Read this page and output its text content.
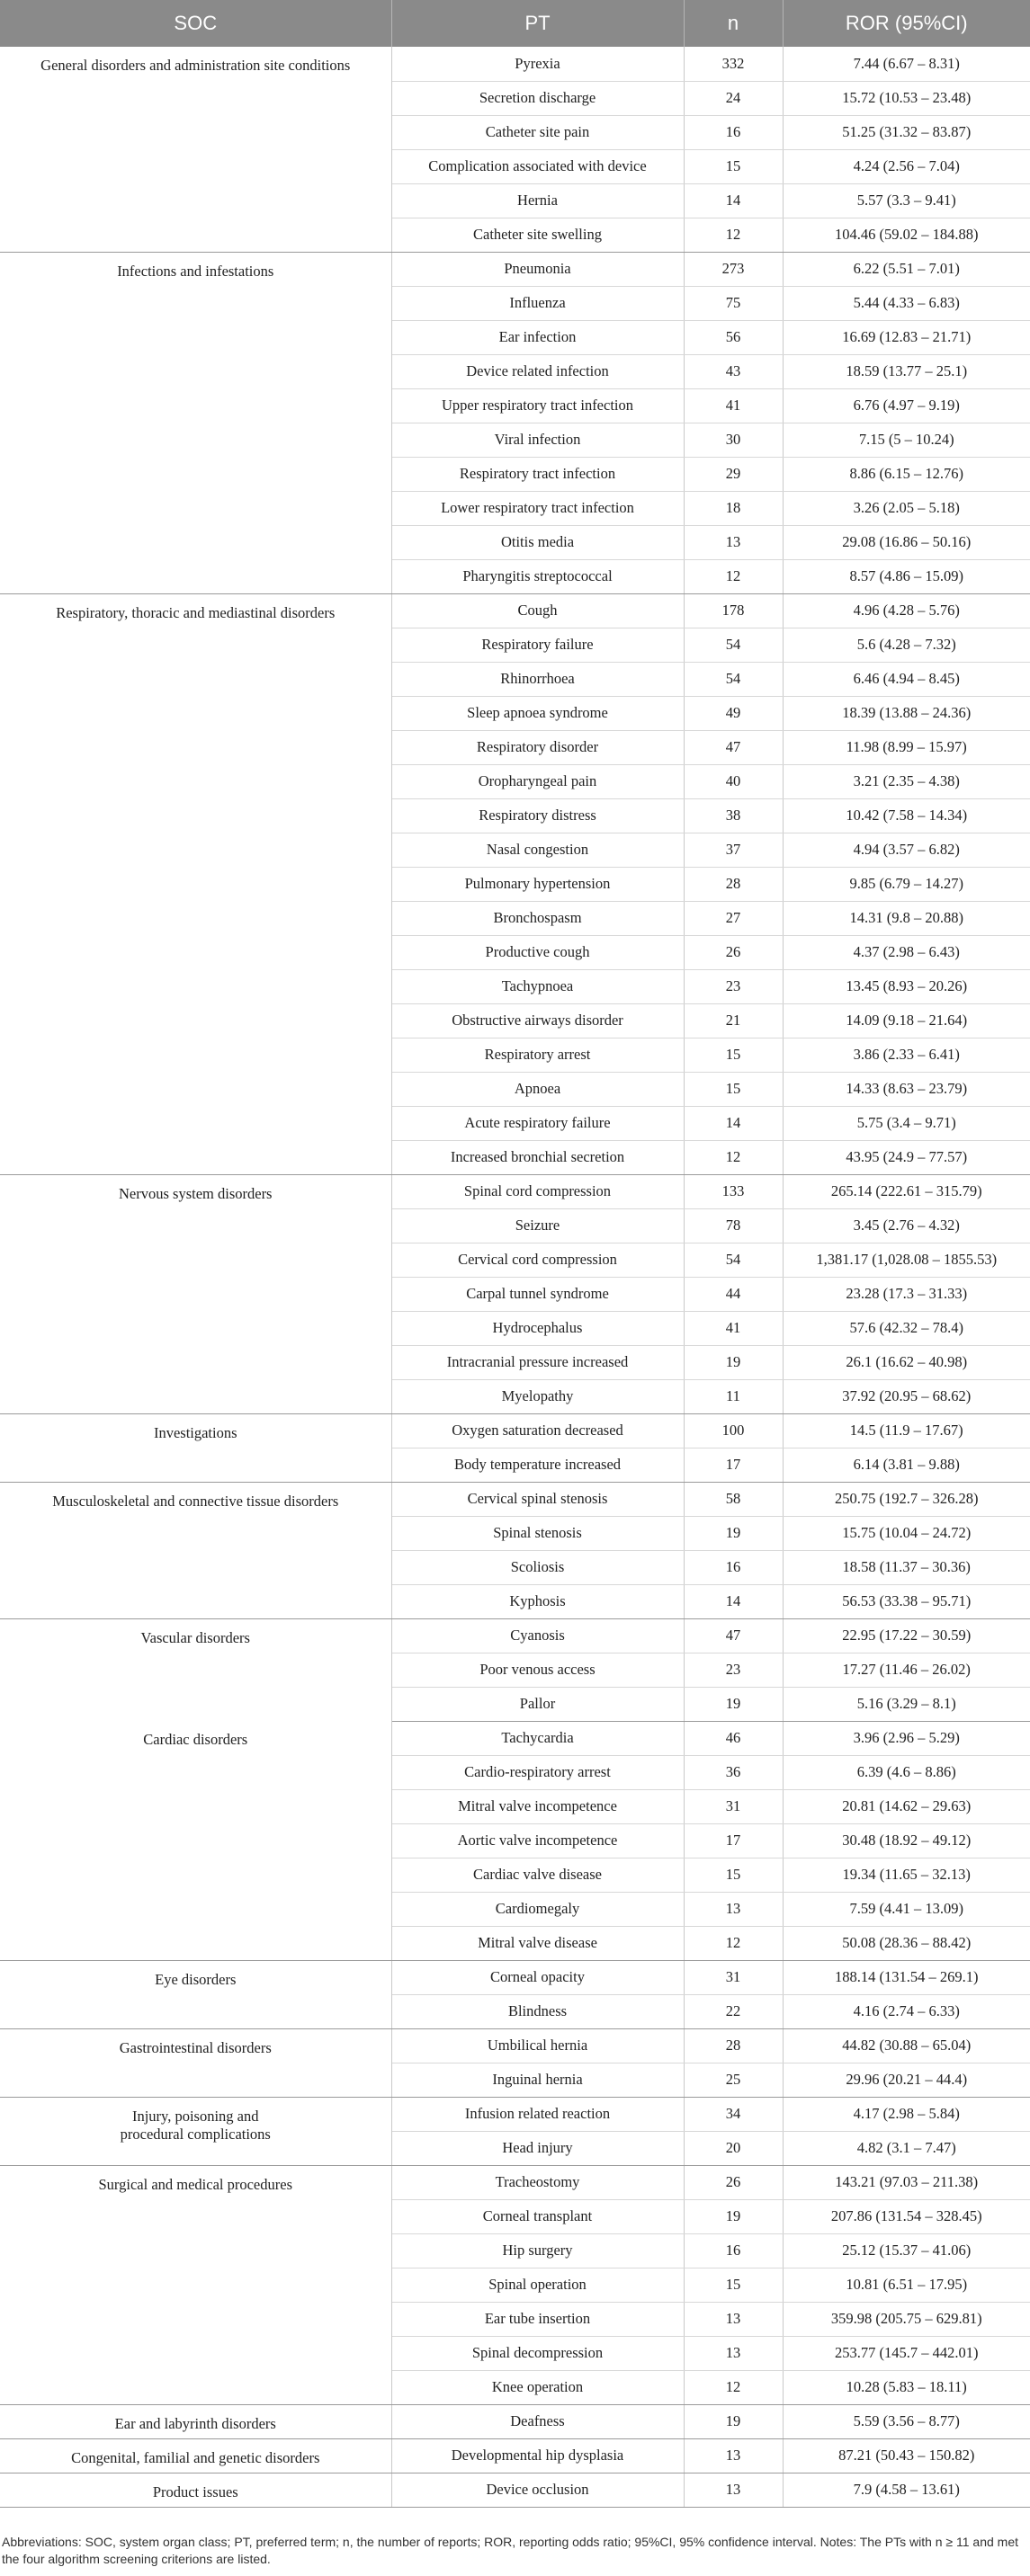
SOC	PT	n	ROR (95%CI)
General disorders and administration site conditions	Pyrexia	332	7.44 (6.67 – 8.31)
	Secretion discharge	24	15.72 (10.53 – 23.48)
	Catheter site pain	16	51.25 (31.32 – 83.87)
	Complication associated with device	15	4.24 (2.56 – 7.04)
	Hernia	14	5.57 (3.3 – 9.41)
	Catheter site swelling	12	104.46 (59.02 – 184.88)
Infections and infestations	Pneumonia	273	6.22 (5.51 – 7.01)
	Influenza	75	5.44 (4.33 – 6.83)
	Ear infection	56	16.69 (12.83 – 21.71)
	Device related infection	43	18.59 (13.77 – 25.1)
	Upper respiratory tract infection	41	6.76 (4.97 – 9.19)
	Viral infection	30	7.15 (5 – 10.24)
	Respiratory tract infection	29	8.86 (6.15 – 12.76)
	Lower respiratory tract infection	18	3.26 (2.05 – 5.18)
	Otitis media	13	29.08 (16.86 – 50.16)
	Pharyngitis streptococcal	12	8.57 (4.86 – 15.09)
Respiratory, thoracic and mediastinal disorders	Cough	178	4.96 (4.28 – 5.76)
	Respiratory failure	54	5.6 (4.28 – 7.32)
	Rhinorrhoea	54	6.46 (4.94 – 8.45)
	Sleep apnoea syndrome	49	18.39 (13.88 – 24.36)
	Respiratory disorder	47	11.98 (8.99 – 15.97)
	Oropharyngeal pain	40	3.21 (2.35 – 4.38)
	Respiratory distress	38	10.42 (7.58 – 14.34)
	Nasal congestion	37	4.94 (3.57 – 6.82)
	Pulmonary hypertension	28	9.85 (6.79 – 14.27)
	Bronchospasm	27	14.31 (9.8 – 20.88)
	Productive cough	26	4.37 (2.98 – 6.43)
	Tachypnoea	23	13.45 (8.93 – 20.26)
	Obstructive airways disorder	21	14.09 (9.18 – 21.64)
	Respiratory arrest	15	3.86 (2.33 – 6.41)
	Apnoea	15	14.33 (8.63 – 23.79)
	Acute respiratory failure	14	5.75 (3.4 – 9.71)
	Increased bronchial secretion	12	43.95 (24.9 – 77.57)
Nervous system disorders	Spinal cord compression	133	265.14 (222.61 – 315.79)
	Seizure	78	3.45 (2.76 – 4.32)
	Cervical cord compression	54	1,381.17 (1,028.08 – 1855.53)
	Carpal tunnel syndrome	44	23.28 (17.3 – 31.33)
	Hydrocephalus	41	57.6 (42.32 – 78.4)
	Intracranial pressure increased	19	26.1 (16.62 – 40.98)
	Myelopathy	11	37.92 (20.95 – 68.62)
Investigations	Oxygen saturation decreased	100	14.5 (11.9 – 17.67)
	Body temperature increased	17	6.14 (3.81 – 9.88)
Musculoskeletal and connective tissue disorders	Cervical spinal stenosis	58	250.75 (192.7 – 326.28)
	Spinal stenosis	19	15.75 (10.04 – 24.72)
	Scoliosis	16	18.58 (11.37 – 30.36)
	Kyphosis	14	56.53 (33.38 – 95.71)
Vascular disorders	Cyanosis	47	22.95 (17.22 – 30.59)
	Poor venous access	23	17.27 (11.46 – 26.02)
	Pallor	19	5.16 (3.29 – 8.1)
Cardiac disorders	Tachycardia	46	3.96 (2.96 – 5.29)
	Cardio-respiratory arrest	36	6.39 (4.6 – 8.86)
	Mitral valve incompetence	31	20.81 (14.62 – 29.63)
	Aortic valve incompetence	17	30.48 (18.92 – 49.12)
	Cardiac valve disease	15	19.34 (11.65 – 32.13)
	Cardiomegaly	13	7.59 (4.41 – 13.09)
	Mitral valve disease	12	50.08 (28.36 – 88.42)
Eye disorders	Corneal opacity	31	188.14 (131.54 – 269.1)
	Blindness	22	4.16 (2.74 – 6.33)
Gastrointestinal disorders	Umbilical hernia	28	44.82 (30.88 – 65.04)
	Inguinal hernia	25	29.96 (20.21 – 44.4)
Injury, poisoning and
procedural complications	Infusion related reaction	34	4.17 (2.98 – 5.84)
	Head injury	20	4.82 (3.1 – 7.47)
Surgical and medical procedures	Tracheostomy	26	143.21 (97.03 – 211.38)
	Corneal transplant	19	207.86 (131.54 – 328.45)
	Hip surgery	16	25.12 (15.37 – 41.06)
	Spinal operation	15	10.81 (6.51 – 17.95)
	Ear tube insertion	13	359.98 (205.75 – 629.81)
	Spinal decompression	13	253.77 (145.7 – 442.01)
	Knee operation	12	10.28 (5.83 – 18.11)
Ear and labyrinth disorders	Deafness	19	5.59 (3.56 – 8.77)
Congenital, familial and genetic disorders	Developmental hip dysplasia	13	87.21 (50.43 – 150.82)
Product issues	Device occlusion	13	7.9 (4.58 – 13.61)
Abbreviations: SOC, system organ class; PT, preferred term; n, the number of reports; ROR, reporting odds ratio; 95%CI, 95% confidence interval. Notes: The PTs with n ≥ 11 and met the four algorithm screening criterions are listed.
